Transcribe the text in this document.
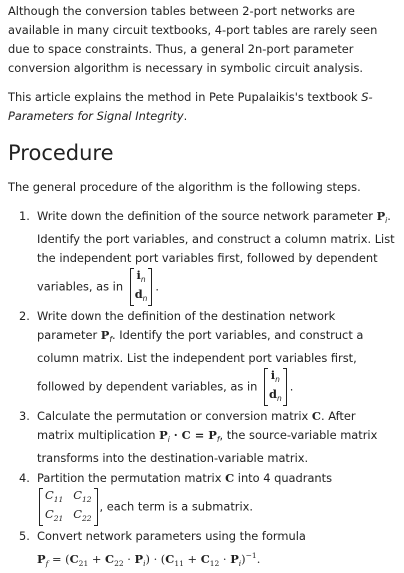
Although the conversion tables between 2-port networks are available in many circuit textbooks, 4-port tables are rarely seen due to space constraints. Thus, a general 2n-port parameter conversion algorithm is necessary in symbolic circuit analysis.

This article explains the method in Pete Pupalaikis's textbook S-Parameters for Signal Integrity.

Procedure

The general procedure of the algorithm is the following steps.

1. Write down the definition of the source network parameter $P_i$. Identify the port variables, and construct a column matrix. List the independent port variables first, followed by dependent variables, as in
$i_n$
$d_n$
.
2. Write down the definition of the destination network parameter $P_f$. Identify the port variables, and construct a column matrix. List the independent port variables first, followed by dependent variables, as in
$i_n$
$d_n$
.
3. Calculate the permutation or conversion matrix C. After matrix multiplication $P_i \cdot C = P_f$, the source-variable matrix transforms into the destination-variable matrix.
4. Partition the permutation matrix C into 4 quadrants
$C_{11}$ $C_{12}$
$C_{21}$ $C_{22}$
, each term is a submatrix.
5. Convert network parameters using the formula
$P_f = (C_{21} + C_{22} \cdot P_i) \cdot (C_{11} + C_{12} \cdot P_i)^{-1}$.
